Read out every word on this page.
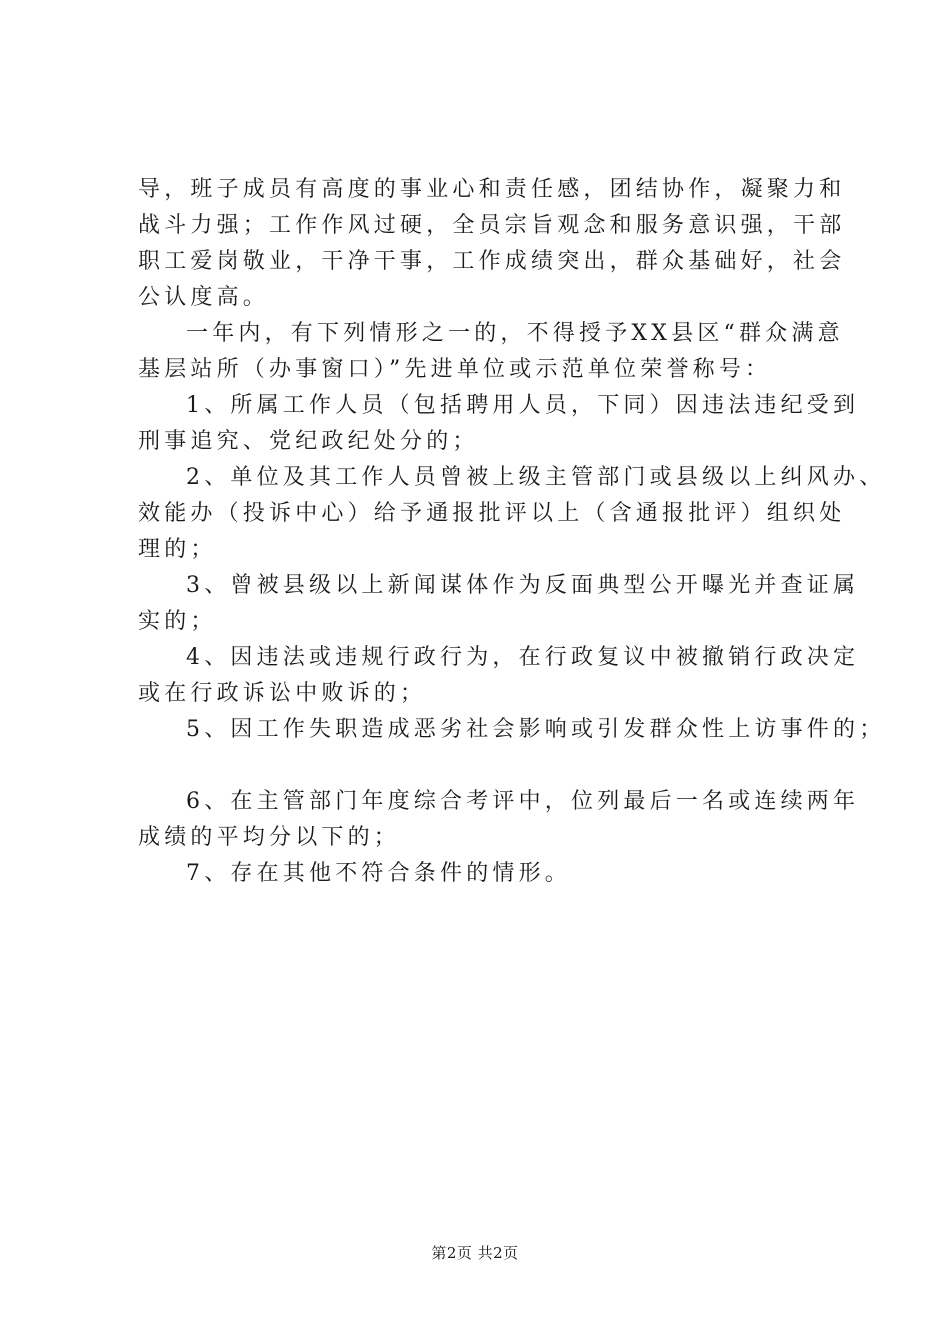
导，班子成员有高度的事业心和责任感，团结协作，凝聚力和
战斗力强；工作作风过硬，全员宗旨观念和服务意识强，干部
职工爱岗敬业，干净干事，工作成绩突出，群众基础好，社会
公认度高。
一年内，有下列情形之一的，不得授予XX县区“群众满意
基层站所（办事窗口）”先进单位或示范单位荣誉称号：
1、所属工作人员（包括聘用人员，下同）因违法违纪受到
刑事追究、党纪政纪处分的；
2、单位及其工作人员曾被上级主管部门或县级以上纠风办、
效能办（投诉中心）给予通报批评以上（含通报批评）组织处
理的；
3、曾被县级以上新闻谋体作为反面典型公开曝光并查证属
实的；
4、因违法或违规行政行为，在行政复议中被撤销行政决定
或在行政诉讼中败诉的；
5、因工作失职造成恶劣社会影响或引发群众性上访事件的；
6、在主管部门年度综合考评中，位列最后一名或连续两年
成绩的平均分以下的；
7、存在其他不符合条件的情形。
第2页 共2页
